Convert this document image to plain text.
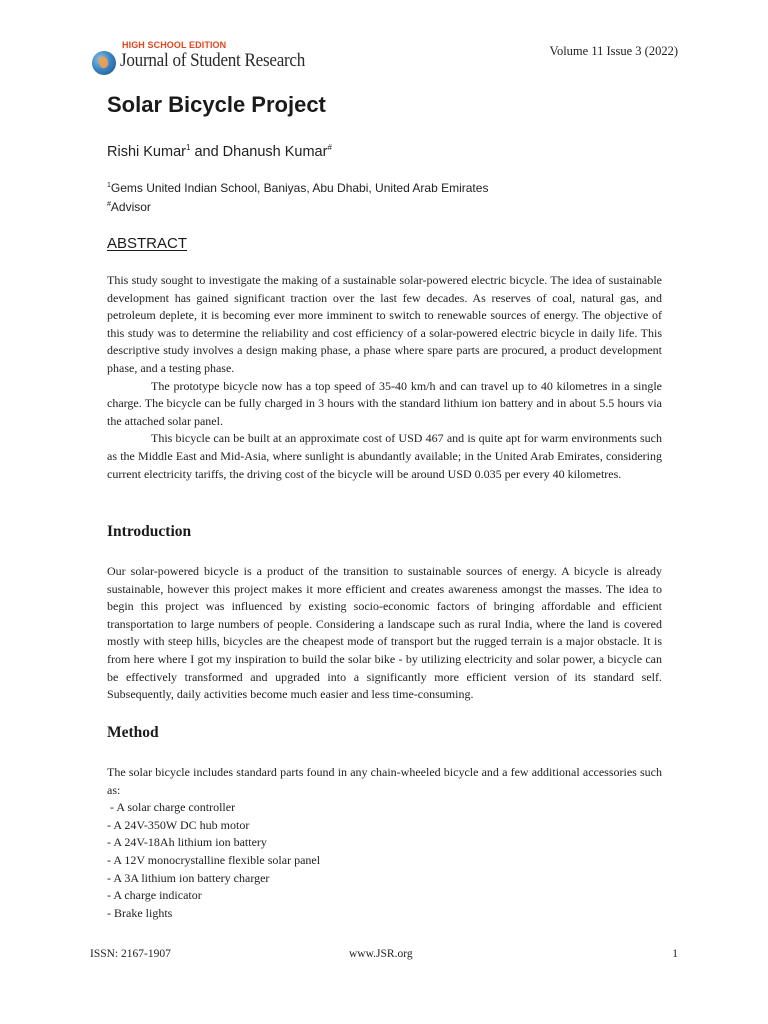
HIGH SCHOOL EDITION
Journal of Student Research	Volume 11 Issue 3 (2022)
Solar Bicycle Project
Rishi Kumar$^1$ and Dhanush Kumar#
$^1$Gems United Indian School, Baniyas, Abu Dhabi, United Arab Emirates
#Advisor
ABSTRACT

This study sought to investigate the making of a sustainable solar-powered electric bicycle. The idea of sustainable development has gained significant traction over the last few decades. As reserves of coal, natural gas, and petroleum deplete, it is becoming ever more imminent to switch to renewable sources of energy. The objective of this study was to determine the reliability and cost efficiency of a solar-powered electric bicycle in daily life. This descriptive study involves a design making phase, a phase where spare parts are procured, a product development phase, and a testing phase.

The prototype bicycle now has a top speed of 35-40 km/h and can travel up to 40 kilometres in a single charge. The bicycle can be fully charged in 3 hours with the standard lithium ion battery and in about 5.5 hours via the attached solar panel.

This bicycle can be built at an approximate cost of USD 467 and is quite apt for warm environments such as the Middle East and Mid-Asia, where sunlight is abundantly available; in the United Arab Emirates, considering current electricity tariffs, the driving cost of the bicycle will be around USD 0.035 per every 40 kilometres.

Introduction

Our solar-powered bicycle is a product of the transition to sustainable sources of energy. A bicycle is already sustainable, however this project makes it more efficient and creates awareness amongst the masses. The idea to begin this project was influenced by existing socio-economic factors of bringing affordable and efficient transportation to large numbers of people. Considering a landscape such as rural India, where the land is covered mostly with steep hills, bicycles are the cheapest mode of transport but the rugged terrain is a major obstacle. It is from here where I got my inspiration to build the solar bike - by utilizing electricity and solar power, a bicycle can be effectively transformed and upgraded into a significantly more efficient version of its standard self. Subsequently, daily activities become much easier and less time-consuming.

Method

The solar bicycle includes standard parts found in any chain-wheeled bicycle and a few additional accessories such as:

- A solar charge controller
- A 24V-350W DC hub motor
- A 24V-18Ah lithium ion battery
- A 12V monocrystalline flexible solar panel
- A 3A lithium ion battery charger
- A charge indicator
- Brake lights
ISSN: 2167-1907	www.JSR.org	1
